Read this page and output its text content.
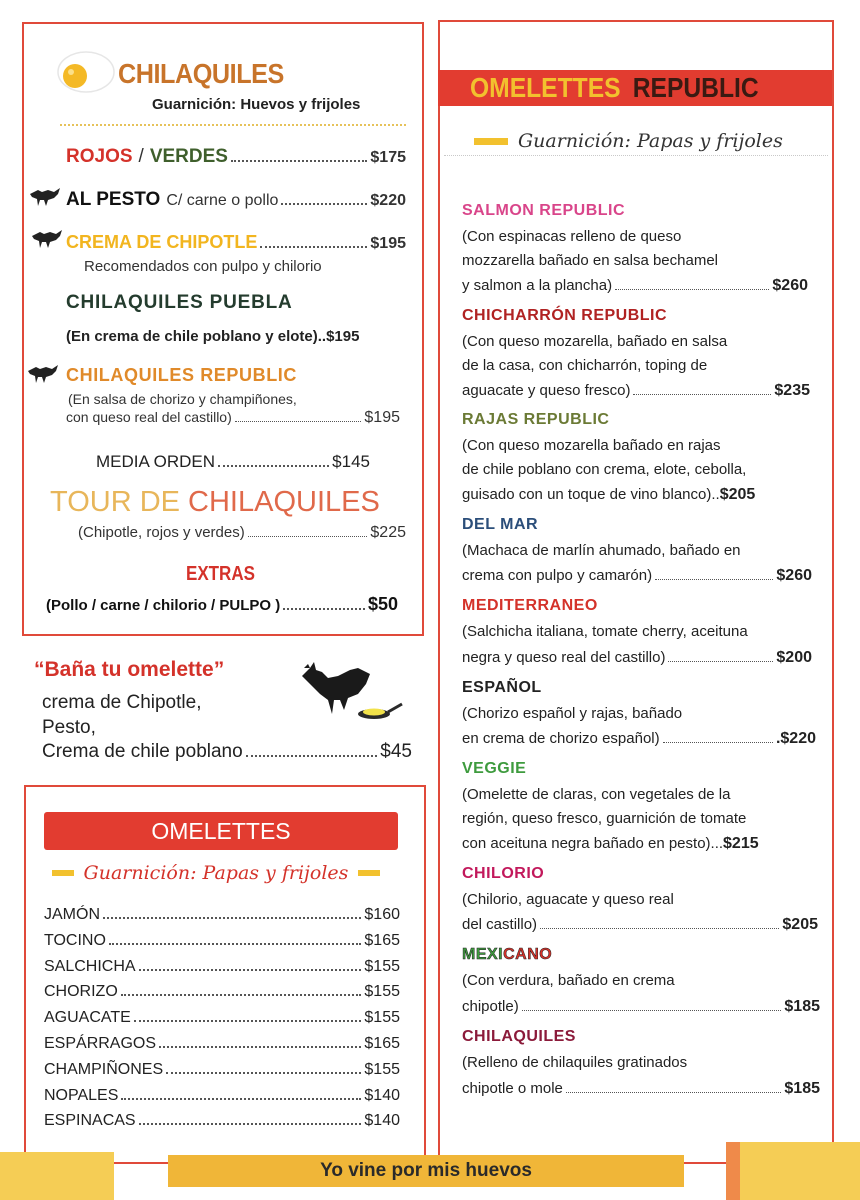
CHILAQUILES
Guarnición: Huevos y frijoles
ROJOS / VERDES	$175
AL PESTO C/ carne o pollo	$220
CREMA DE CHIPOTLE	$195
Recomendados con pulpo y chilorio
CHILAQUILES PUEBLA
(En crema de chile poblano y elote)..$195
CHILAQUILES REPUBLIC
(En salsa de chorizo y champiñones,
con queso real del castillo)	$195
MEDIA ORDEN	$145
TOUR DE CHILAQUILES
(Chipotle, rojos y verdes)	$225
EXTRAS
(Pollo / carne / chilorio / PULPO )	$50
“Baña tu omelette”
crema de Chipotle,
Pesto,
Crema de chile poblano	$45
OMELETTES
Guarnición: Papas y frijoles
JAMÓN	$160
TOCINO	$165
SALCHICHA	$155
CHORIZO	$155
AGUACATE	$155
ESPÁRRAGOS	$165
CHAMPIÑONES	$155
NOPALES	$140
ESPINACAS	$140
OMELETTES REPUBLIC
Guarnición: Papas y frijoles
SALMON REPUBLIC
(Con espinacas relleno de queso
mozzarella bañado en salsa bechamel
y salmon a la plancha)	$260
CHICHARRÓN REPUBLIC
(Con queso mozarella, bañado en salsa
de la casa, con chicharrón, toping de
aguacate y queso fresco)	$235
RAJAS REPUBLIC
(Con queso mozarella bañado en rajas
de chile poblano con crema, elote, cebolla,
guisado con un toque de vino blanco)..$205
DEL MAR
(Machaca de marlín ahumado, bañado en
crema con pulpo y camarón)	$260
MEDITERRANEO
(Salchicha italiana, tomate cherry, aceituna
negra y queso real del castillo)	$200
ESPAÑOL
(Chorizo español y rajas, bañado
en crema de chorizo español)	.$220
VEGGIE
(Omelette de claras, con vegetales de la
región, queso fresco, guarnición de tomate
con aceituna negra bañado en pesto)...$215
CHILORIO
(Chilorio, aguacate y queso real
del castillo)	$205
MEXICANO
(Con verdura, bañado en crema
chipotle)	$185
CHILAQUILES
(Relleno de chilaquiles gratinados
chipotle o mole	$185
Yo vine por mis huevos
